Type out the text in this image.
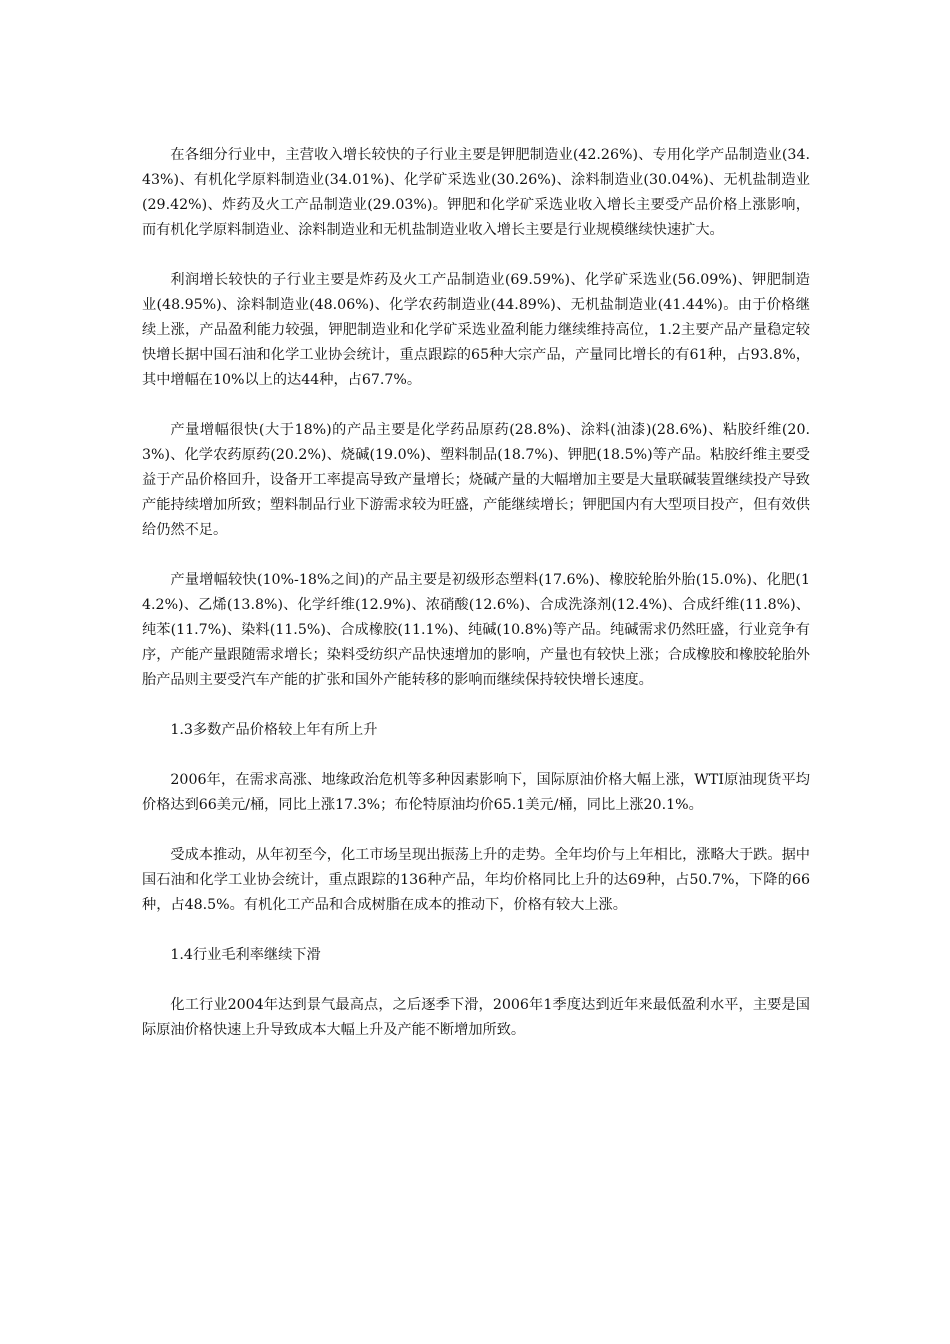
在各细分行业中，主营收入增长较快的子行业主要是钾肥制造业(42.26%)、专用化学产品制造业(34.43%)、有机化学原料制造业(34.01%)、化学矿采选业(30.26%)、涂料制造业(30.04%)、无机盐制造业(29.42%)、炸药及火工产品制造业(29.03%)。钾肥和化学矿采选业收入增长主要受产品价格上涨影响，而有机化学原料制造业、涂料制造业和无机盐制造业收入增长主要是行业规模继续快速扩大。

利润增长较快的子行业主要是炸药及火工产品制造业(69.59%)、化学矿采选业(56.09%)、钾肥制造业(48.95%)、涂料制造业(48.06%)、化学农药制造业(44.89%)、无机盐制造业(41.44%)。由于价格继续上涨，产品盈利能力较强，钾肥制造业和化学矿采选业盈利能力继续维持高位，1.2主要产品产量稳定较快增长据中国石油和化学工业协会统计，重点跟踪的65种大宗产品，产量同比增长的有61种，占93.8%，其中增幅在10%以上的达44种，占67.7%。

产量增幅很快(大于18%)的产品主要是化学药品原药(28.8%)、涂料(油漆)(28.6%)、粘胶纤维(20.3%)、化学农药原药(20.2%)、烧碱(19.0%)、塑料制品(18.7%)、钾肥(18.5%)等产品。粘胶纤维主要受益于产品价格回升，设备开工率提高导致产量增长；烧碱产量的大幅增加主要是大量联碱装置继续投产导致产能持续增加所致；塑料制品行业下游需求较为旺盛，产能继续增长；钾肥国内有大型项目投产，但有效供给仍然不足。

产量增幅较快(10%-18%之间)的产品主要是初级形态塑料(17.6%)、橡胶轮胎外胎(15.0%)、化肥(14.2%)、乙烯(13.8%)、化学纤维(12.9%)、浓硝酸(12.6%)、合成洗涤剂(12.4%)、合成纤维(11.8%)、纯苯(11.7%)、染料(11.5%)、合成橡胶(11.1%)、纯碱(10.8%)等产品。纯碱需求仍然旺盛，行业竞争有序，产能产量跟随需求增长；染料受纺织产品快速增加的影响，产量也有较快上涨；合成橡胶和橡胶轮胎外胎产品则主要受汽车产能的扩张和国外产能转移的影响而继续保持较快增长速度。

1.3多数产品价格较上年有所上升

2006年，在需求高涨、地缘政治危机等多种因素影响下，国际原油价格大幅上涨，WTI原油现货平均价格达到66美元/桶，同比上涨17.3%；布伦特原油均价65.1美元/桶，同比上涨20.1%。

受成本推动，从年初至今，化工市场呈现出振荡上升的走势。全年均价与上年相比，涨略大于跌。据中国石油和化学工业协会统计，重点跟踪的136种产品，年均价格同比上升的达69种，占50.7%，下降的66种，占48.5%。有机化工产品和合成树脂在成本的推动下，价格有较大上涨。

1.4行业毛利率继续下滑

化工行业2004年达到景气最高点，之后逐季下滑，2006年1季度达到近年来最低盈利水平，主要是国际原油价格快速上升导致成本大幅上升及产能不断增加所致。
